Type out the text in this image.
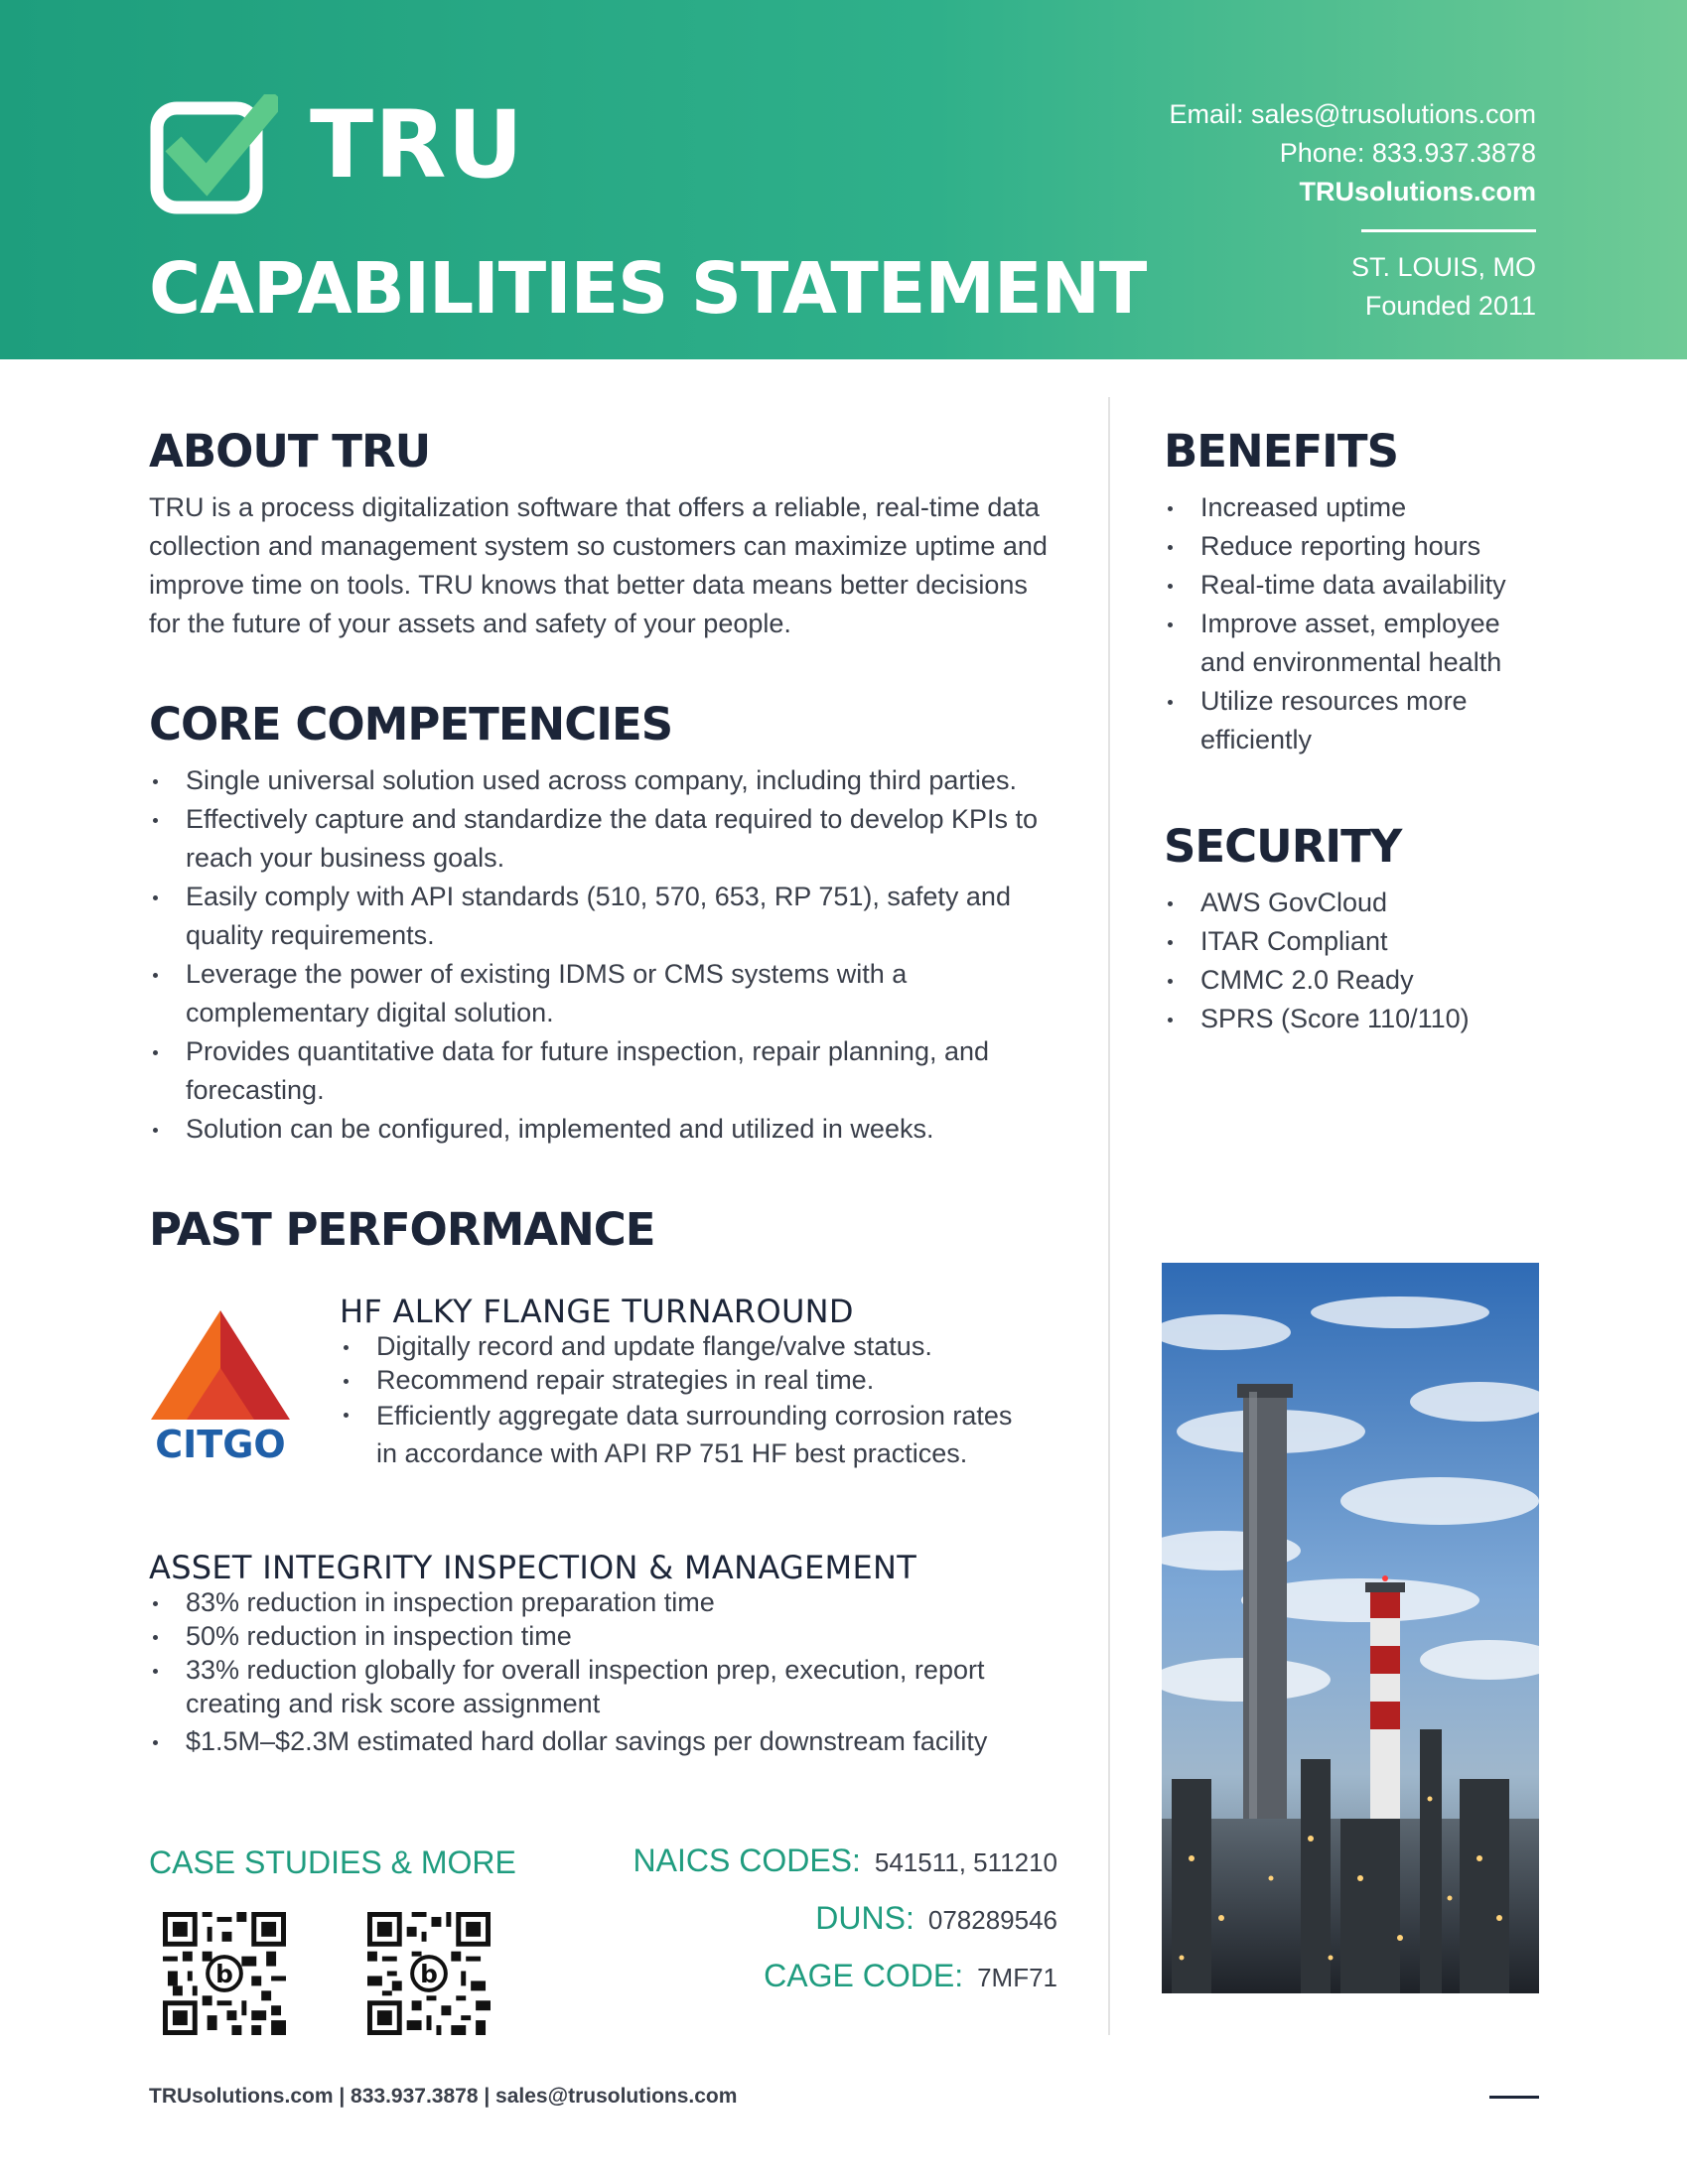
TRU
CAPABILITIES STATEMENT
Email: sales@trusolutions.com
Phone: 833.937.3878
TRUsolutions.com
ST. LOUIS, MO
Founded 2011
ABOUT TRU

TRU is a process digitalization software that offers a reliable, real-time data
collection and management system so customers can maximize uptime and
improve time on tools. TRU knows that better data means better decisions
for the future of your assets and safety of your people.

CORE COMPETENCIES
Single universal solution used across company, including third parties.
Effectively capture and standardize the data required to develop KPIs to
reach your business goals.
Easily comply with API standards (510, 570, 653, RP 751), safety and
quality requirements.
Leverage the power of existing IDMS or CMS systems with a
complementary digital solution.
Provides quantitative data for future inspection, repair planning, and
forecasting.
Solution can be configured, implemented and utilized in weeks.
BENEFITS
Increased uptime
Reduce reporting hours
Real-time data availability
Improve asset, employee
and environmental health
Utilize resources more
efficiently
SECURITY
AWS GovCloud
ITAR Compliant
CMMC 2.0 Ready
SPRS (Score 110/110)
PAST PERFORMANCE
CITGO
HF ALKY FLANGE TURNAROUND
Digitally record and update flange/valve status.
Recommend repair strategies in real time.
Efficiently aggregate data surrounding corrosion rates
in accordance with API RP 751 HF best practices.
ASSET INTEGRITY INSPECTION & MANAGEMENT
83% reduction in inspection preparation time
50% reduction in inspection time
33% reduction globally for overall inspection prep, execution, report
creating and risk score assignment
$1.5M–$2.3M estimated hard dollar savings per downstream facility
CASE STUDIES & MORE
b	b
NAICS CODES: 541511, 511210
DUNS: 078289546
CAGE CODE: 7MF71
TRUsolutions.com | 833.937.3878 | sales@trusolutions.com
